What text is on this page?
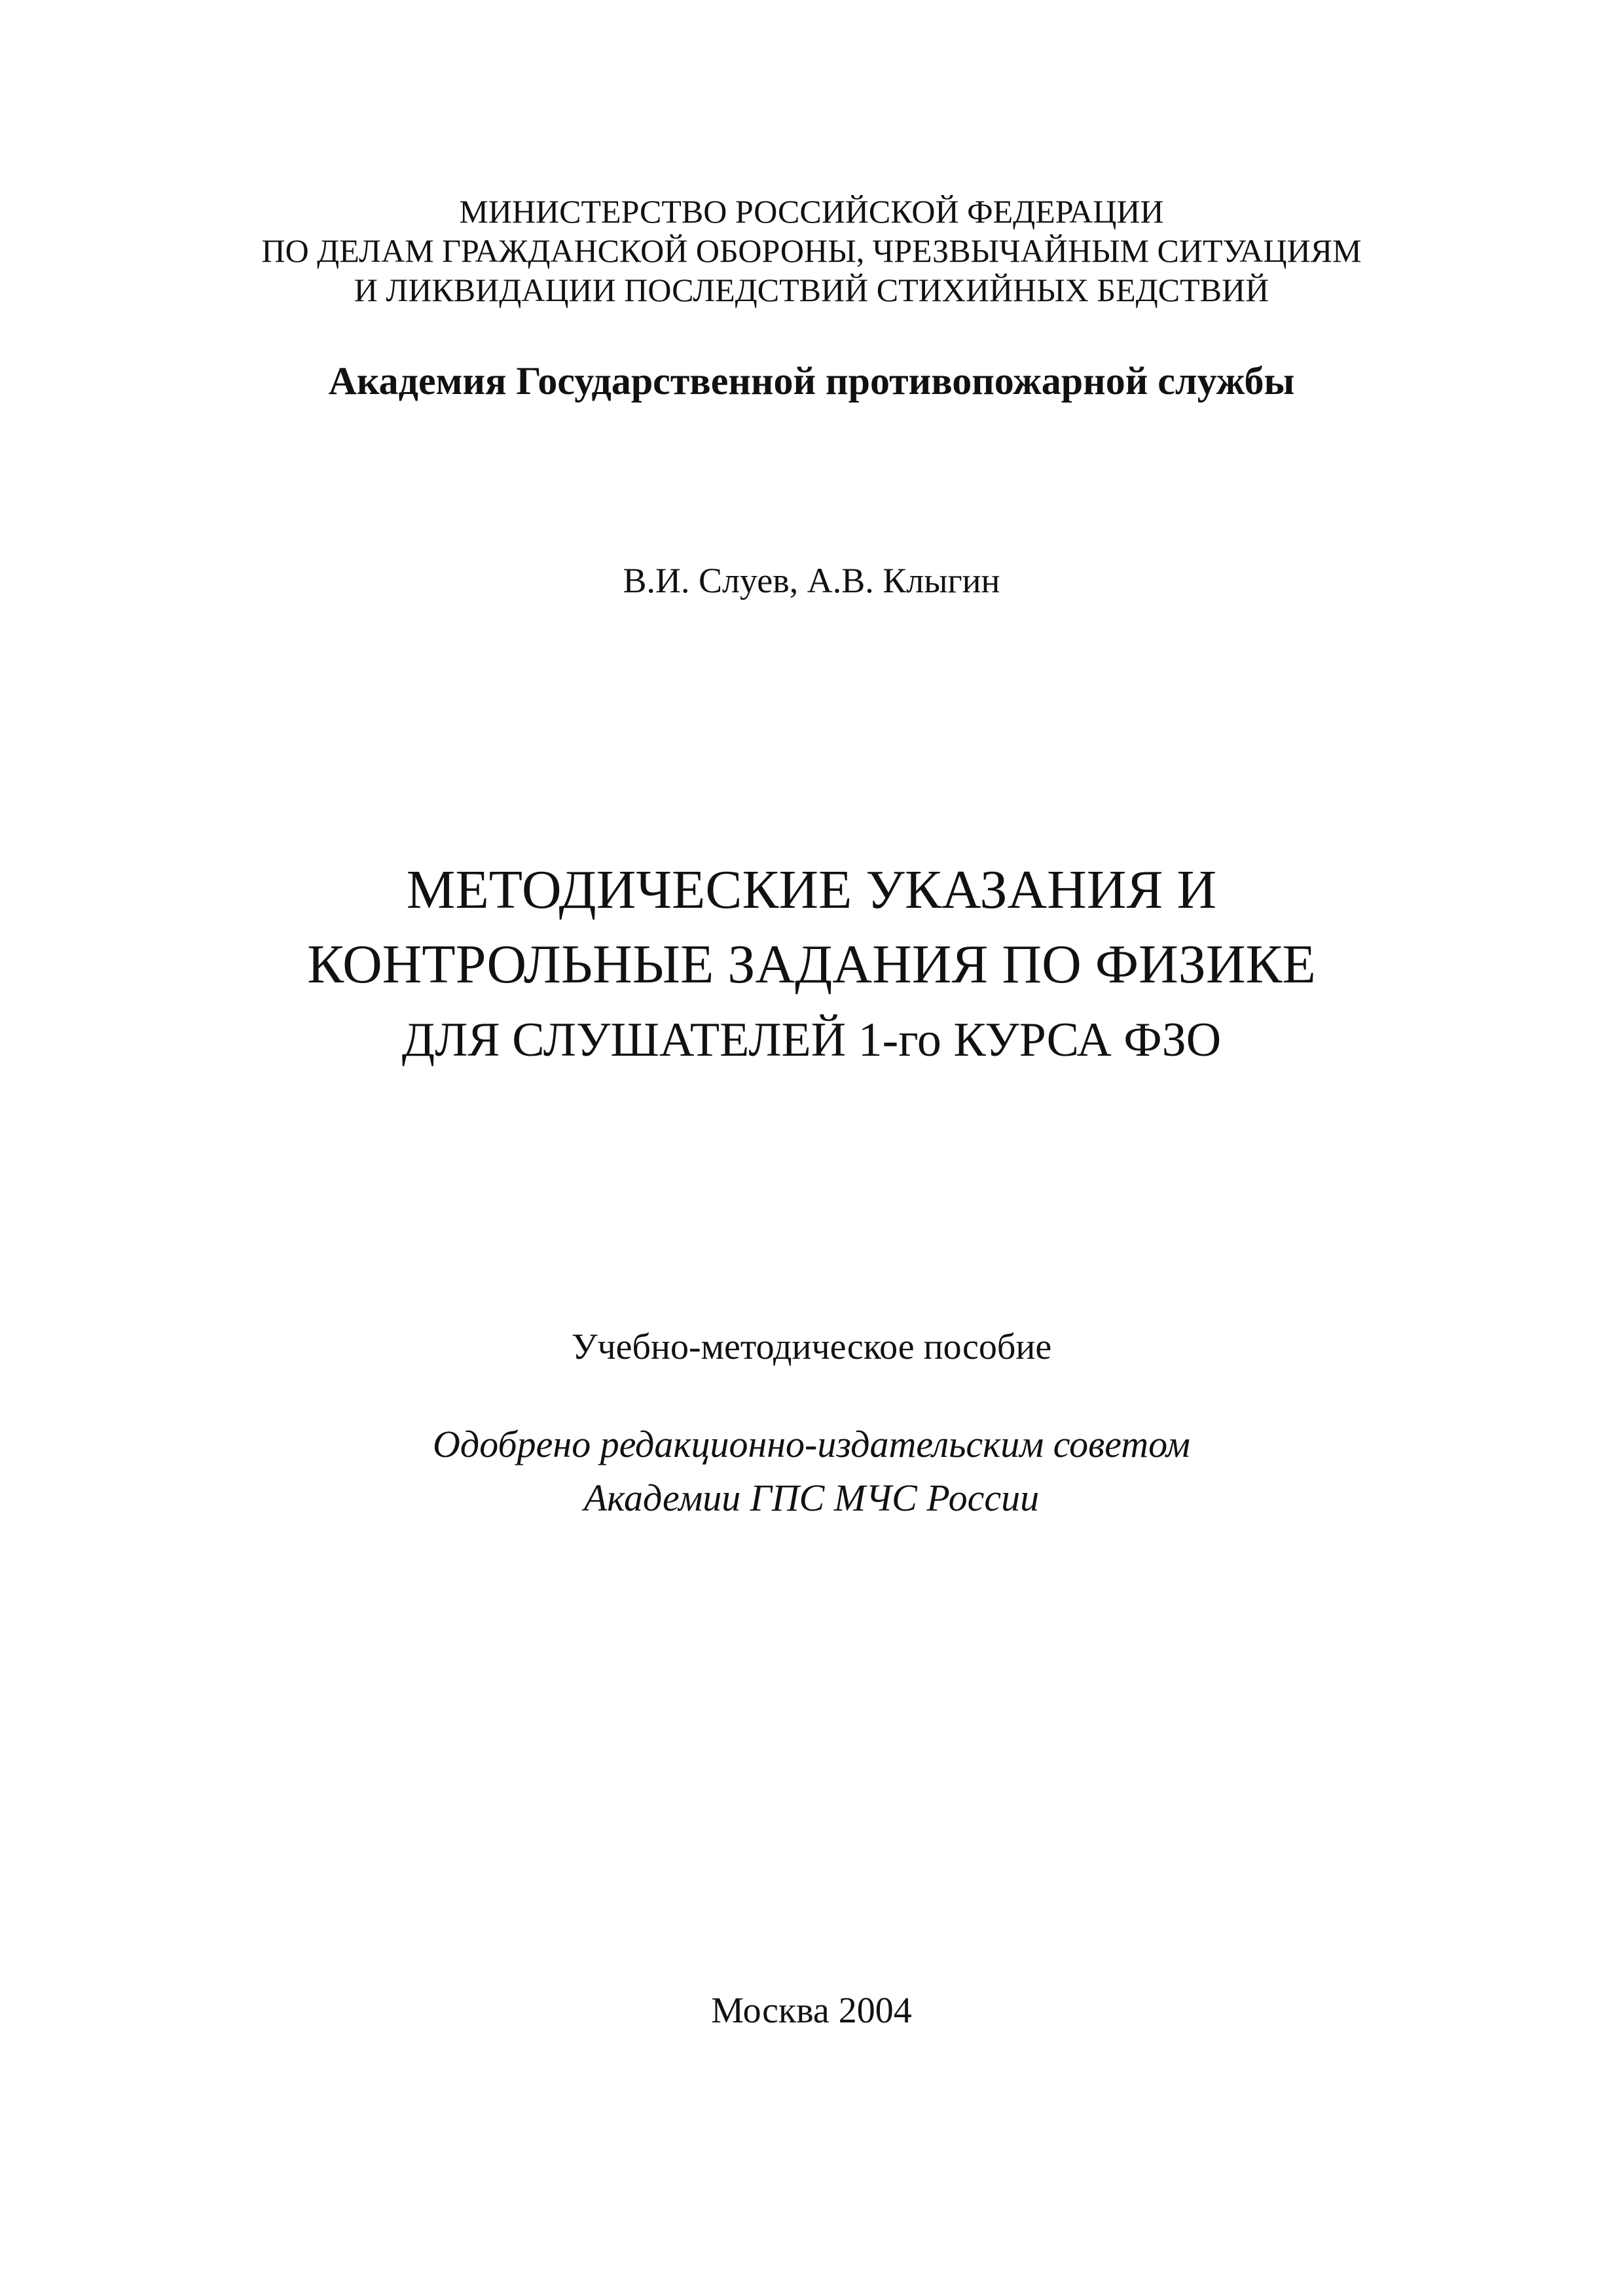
МИНИСТЕРСТВО РОССИЙСКОЙ ФЕДЕРАЦИИ
ПО ДЕЛАМ ГРАЖДАНСКОЙ ОБОРОНЫ, ЧРЕЗВЫЧАЙНЫМ СИТУАЦИЯМ
И ЛИКВИДАЦИИ ПОСЛЕДСТВИЙ СТИХИЙНЫХ БЕДСТВИЙ
Академия Государственной противопожарной службы
В.И. Слуев, А.В. Клыгин
МЕТОДИЧЕСКИЕ УКАЗАНИЯ И
КОНТРОЛЬНЫЕ ЗАДАНИЯ ПО ФИЗИКЕ
ДЛЯ СЛУШАТЕЛЕЙ 1-го КУРСА ФЗО
Учебно-методическое пособие
Одобрено редакционно-издательским советом
Академии ГПС МЧС России
Москва 2004
